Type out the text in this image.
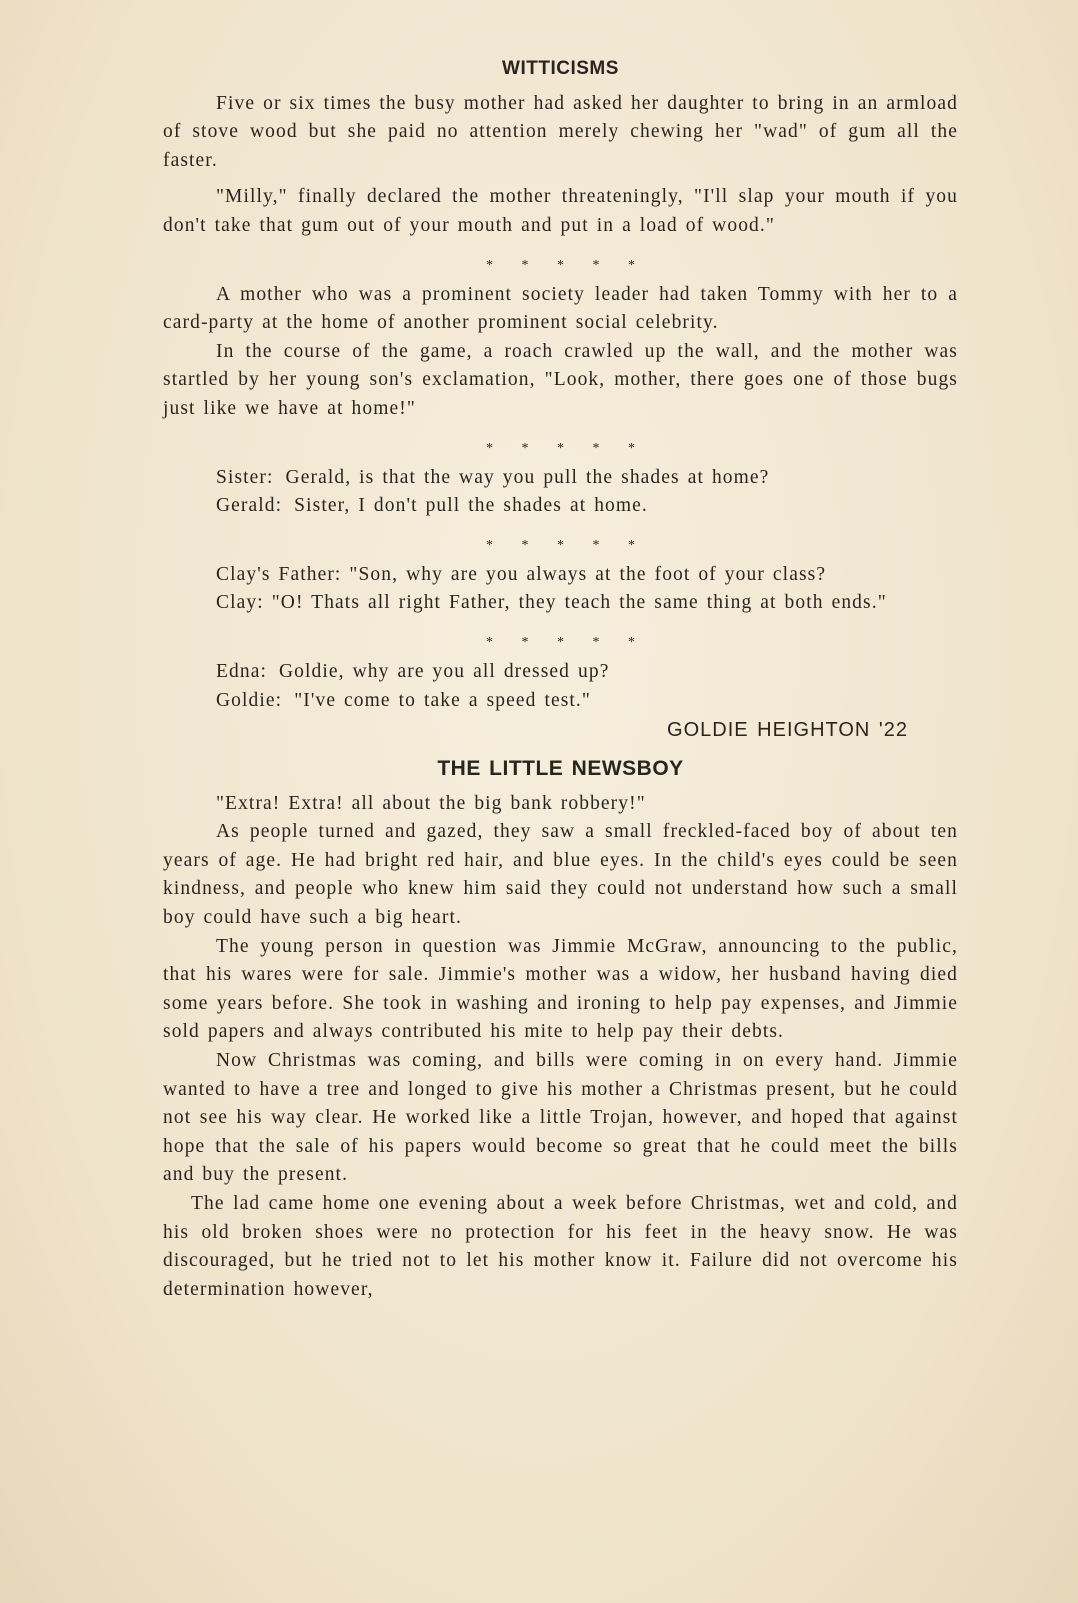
WITTICISMS

Five or six times the busy mother had asked her daughter to bring in an armload of stove wood but she paid no attention merely chewing her "wad" of gum all the faster.

"Milly," finally declared the mother threateningly, "I'll slap your mouth if you don't take that gum out of your mouth and put in a load of wood."

* * * * *

A mother who was a prominent society leader had taken Tommy with her to a card-party at the home of another prominent social celebrity.

In the course of the game, a roach crawled up the wall, and the mother was startled by her young son's exclamation, "Look, mother, there goes one of those bugs just like we have at home!"

* * * * *

Sister: Gerald, is that the way you pull the shades at home?

Gerald: Sister, I don't pull the shades at home.

* * * * *

Clay's Father: "Son, why are you always at the foot of your class?

Clay: "O! Thats all right Father, they teach the same thing at both ends."

* * * * *

Edna: Goldie, why are you all dressed up?

Goldie: "I've come to take a speed test."

GOLDIE HEIGHTON '22
THE LITTLE NEWSBOY

"Extra! Extra! all about the big bank robbery!"

As people turned and gazed, they saw a small freckled-faced boy of about ten years of age. He had bright red hair, and blue eyes. In the child's eyes could be seen kindness, and people who knew him said they could not understand how such a small boy could have such a big heart.

The young person in question was Jimmie McGraw, announcing to the public, that his wares were for sale. Jimmie's mother was a widow, her husband having died some years before. She took in washing and ironing to help pay expenses, and Jimmie sold papers and always contributed his mite to help pay their debts.

Now Christmas was coming, and bills were coming in on every hand. Jimmie wanted to have a tree and longed to give his mother a Christmas present, but he could not see his way clear. He worked like a little Trojan, however, and hoped that against hope that the sale of his papers would become so great that he could meet the bills and buy the present.

The lad came home one evening about a week before Christmas, wet and cold, and his old broken shoes were no protection for his feet in the heavy snow. He was discouraged, but he tried not to let his mother know it. Failure did not overcome his determination however,
